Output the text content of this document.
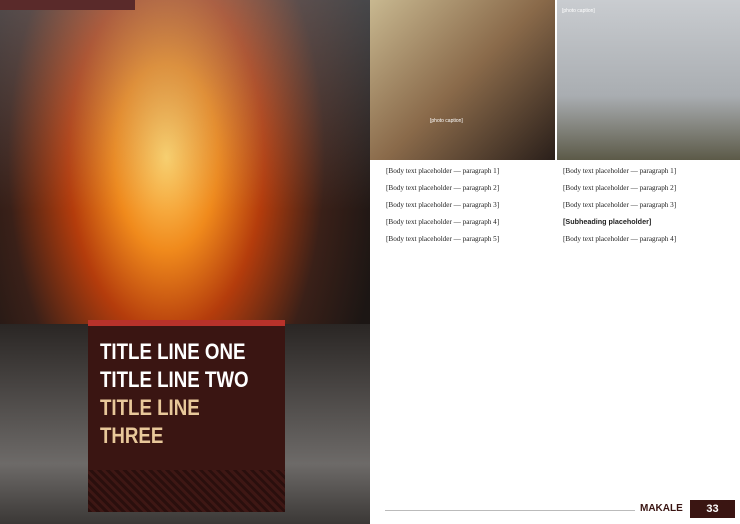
TITLE LINE ONE
TITLE LINE TWO
TITLE LINE
THREE
[photo caption]
[photo caption]

[Body text placeholder — paragraph 1]

[Body text placeholder — paragraph 2]

[Body text placeholder — paragraph 3]

[Body text placeholder — paragraph 4]

[Body text placeholder — paragraph 5]

[Body text placeholder — paragraph 1]

[Body text placeholder — paragraph 2]

[Body text placeholder — paragraph 3]

[Subheading placeholder]

[Body text placeholder — paragraph 4]

MAKALE	33
